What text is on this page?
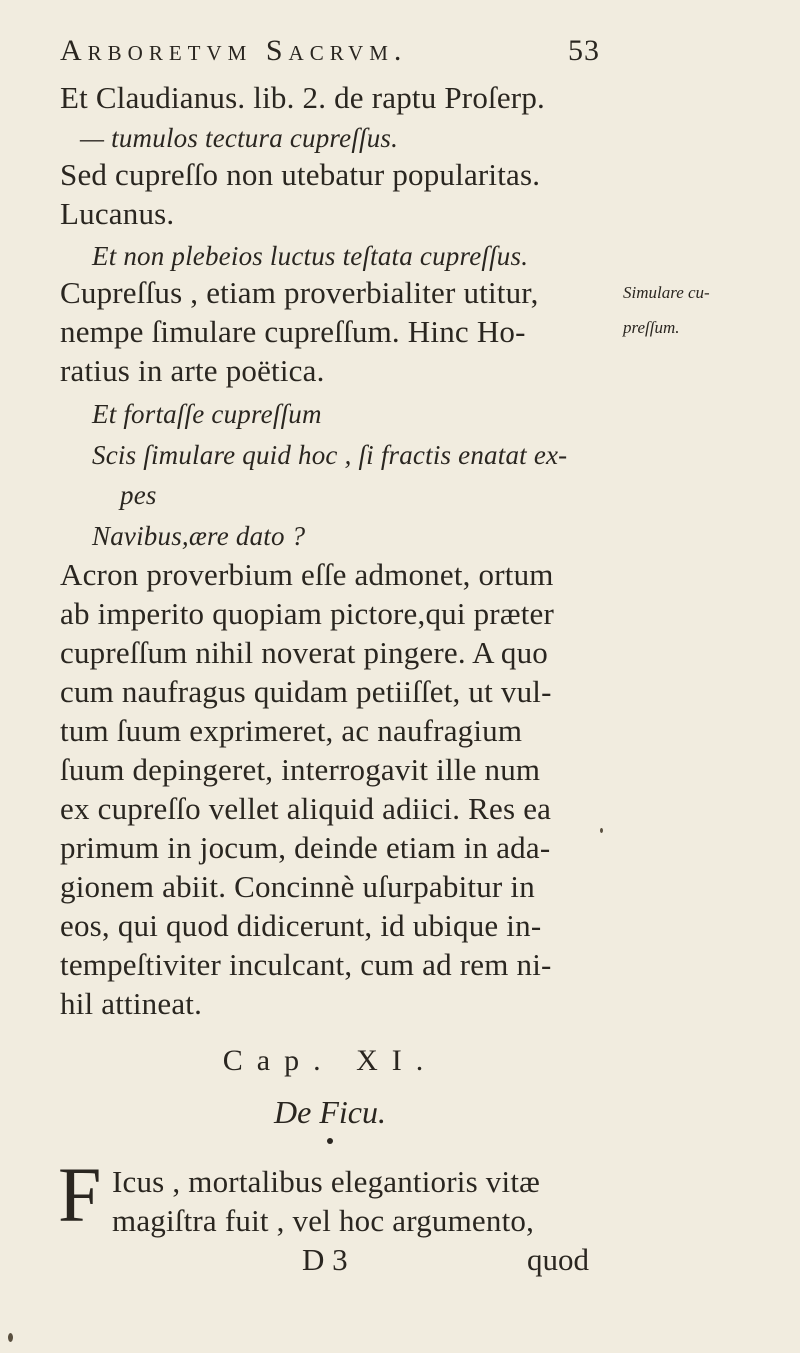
Arboretvm Sacrvm.	53
Et Claudianus. lib. 2. de raptu Proſerp.
— tumulos tectura cupreſſus.
Sed cupreſſo non utebatur popularitas.
Lucanus.
Et non plebeios luctus teſtata cupreſſus.
Cupreſſus , etiam proverbialiter utitur,
nempe ſimulare cupreſſum. Hinc Ho-
ratius in arte poëtica.
Et fortaſſe cupreſſum
Scis ſimulare quid hoc , ſi fractis enatat ex-
pes
Navibus,ære dato ?
Acron proverbium eſſe admonet, ortum
ab imperito quopiam pictore,qui præter
cupreſſum nihil noverat pingere. A quo
cum naufragus quidam petiiſſet, ut vul-
tum ſuum exprimeret, ac naufragium
ſuum depingeret, interrogavit ille num
ex cupreſſo vellet aliquid adiici. Res ea
primum in jocum, deinde etiam in ada-
gionem abiit. Concinnè uſurpabitur in
eos, qui quod didicerunt, id ubique in-
tempeſtiviter inculcant, cum ad rem ni-
hil attineat.
Simulare cu-
preſſum.
Cap. XI.
De Ficu.
F Icus , mortalibus elegantioris vitæ
magiſtra fuit , vel hoc argumento,
D 3	quod
